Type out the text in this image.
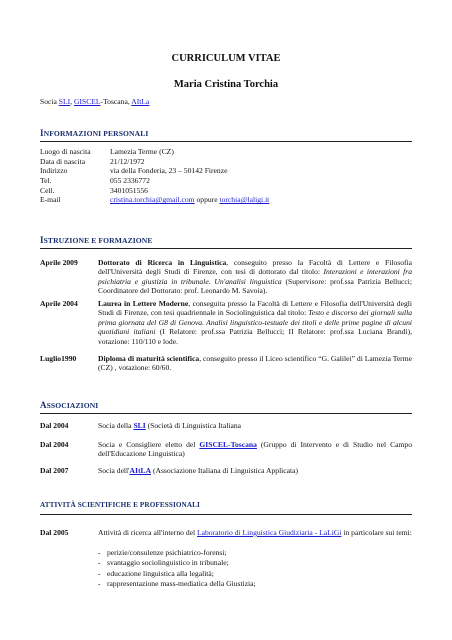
CURRICULUM VITAE
Maria Cristina Torchia
Socia SLI, GISCEL-Toscana, AItLa
INFORMAZIONI PERSONALI
Luogo di nascita	Lamezia Terme (CZ)
Data di nascita	21/12/1972
Indirizzo	via della Fonderia, 23 – 50142 Firenze
Tel.	055 2336772
Cell.	3401051556
E-mail	cristina.torchia@gmail.com oppure torchia@laligi.it
ISTRUZIONE E FORMAZIONE
Aprile 2009	Dottorato di Ricerca in Linguistica, conseguito presso la Facoltà di Lettere e Filosofia dell'Università degli Studi di Firenze, con tesi di dottorato dal titolo: Interazioni e interazioni fra psichiatria e giustizia in tribunale. Un'analisi linguistica (Supervisore: prof.ssa Patrizia Bellucci; Coordinatore del Dottorato: prof. Leonardo M. Savoia).
Aprile 2004	Laurea in Lettere Moderne, conseguita presso la Facoltà di Lettere e Filosofia dell'Università degli Studi di Firenze, con tesi quadriennale in Sociolinguistica dal titolo: Testo e discorso dei giornali sulla prima giornata del G8 di Genova. Analisi linguistico-testuale dei titoli e delle prime pagine di alcuni quotidiani italiani (I Relatore: prof.ssa Patrizia Bellucci; II Relatore: prof.ssa Luciana Brandi), votazione: 110/110 e lode.
Luglio1990	Diploma di maturità scientifica, conseguito presso il Liceo scientifico “G. Galilei” di Lamezia Terme (CZ) , votazione: 60/60.
ASSOCIAZIONI
Dal 2004	Socia della SLI (Società di Linguistica Italiana
Dal 2004	Socia e Consigliere eletto del GISCEL-Toscana (Gruppo di Intervento e di Studio nel Campo dell'Educazione Linguistica)
Dal 2007	Socia dell'AItLA (Associazione Italiana di Linguistica Applicata)
ATTIVITÀ SCIENTIFICHE E PROFESSIONALI
Dal 2005	Attività di ricerca all'interno del Laboratorio di Linguistica Giudiziaria - LaLiGi in particolare sui temi:
- perizie/consulenze psichiatrico-forensi;
- svantaggio sociolinguistico in tribunale;
- educazione linguistica alla legalità;
- rappresentazione mass-mediatica della Giustizia;
